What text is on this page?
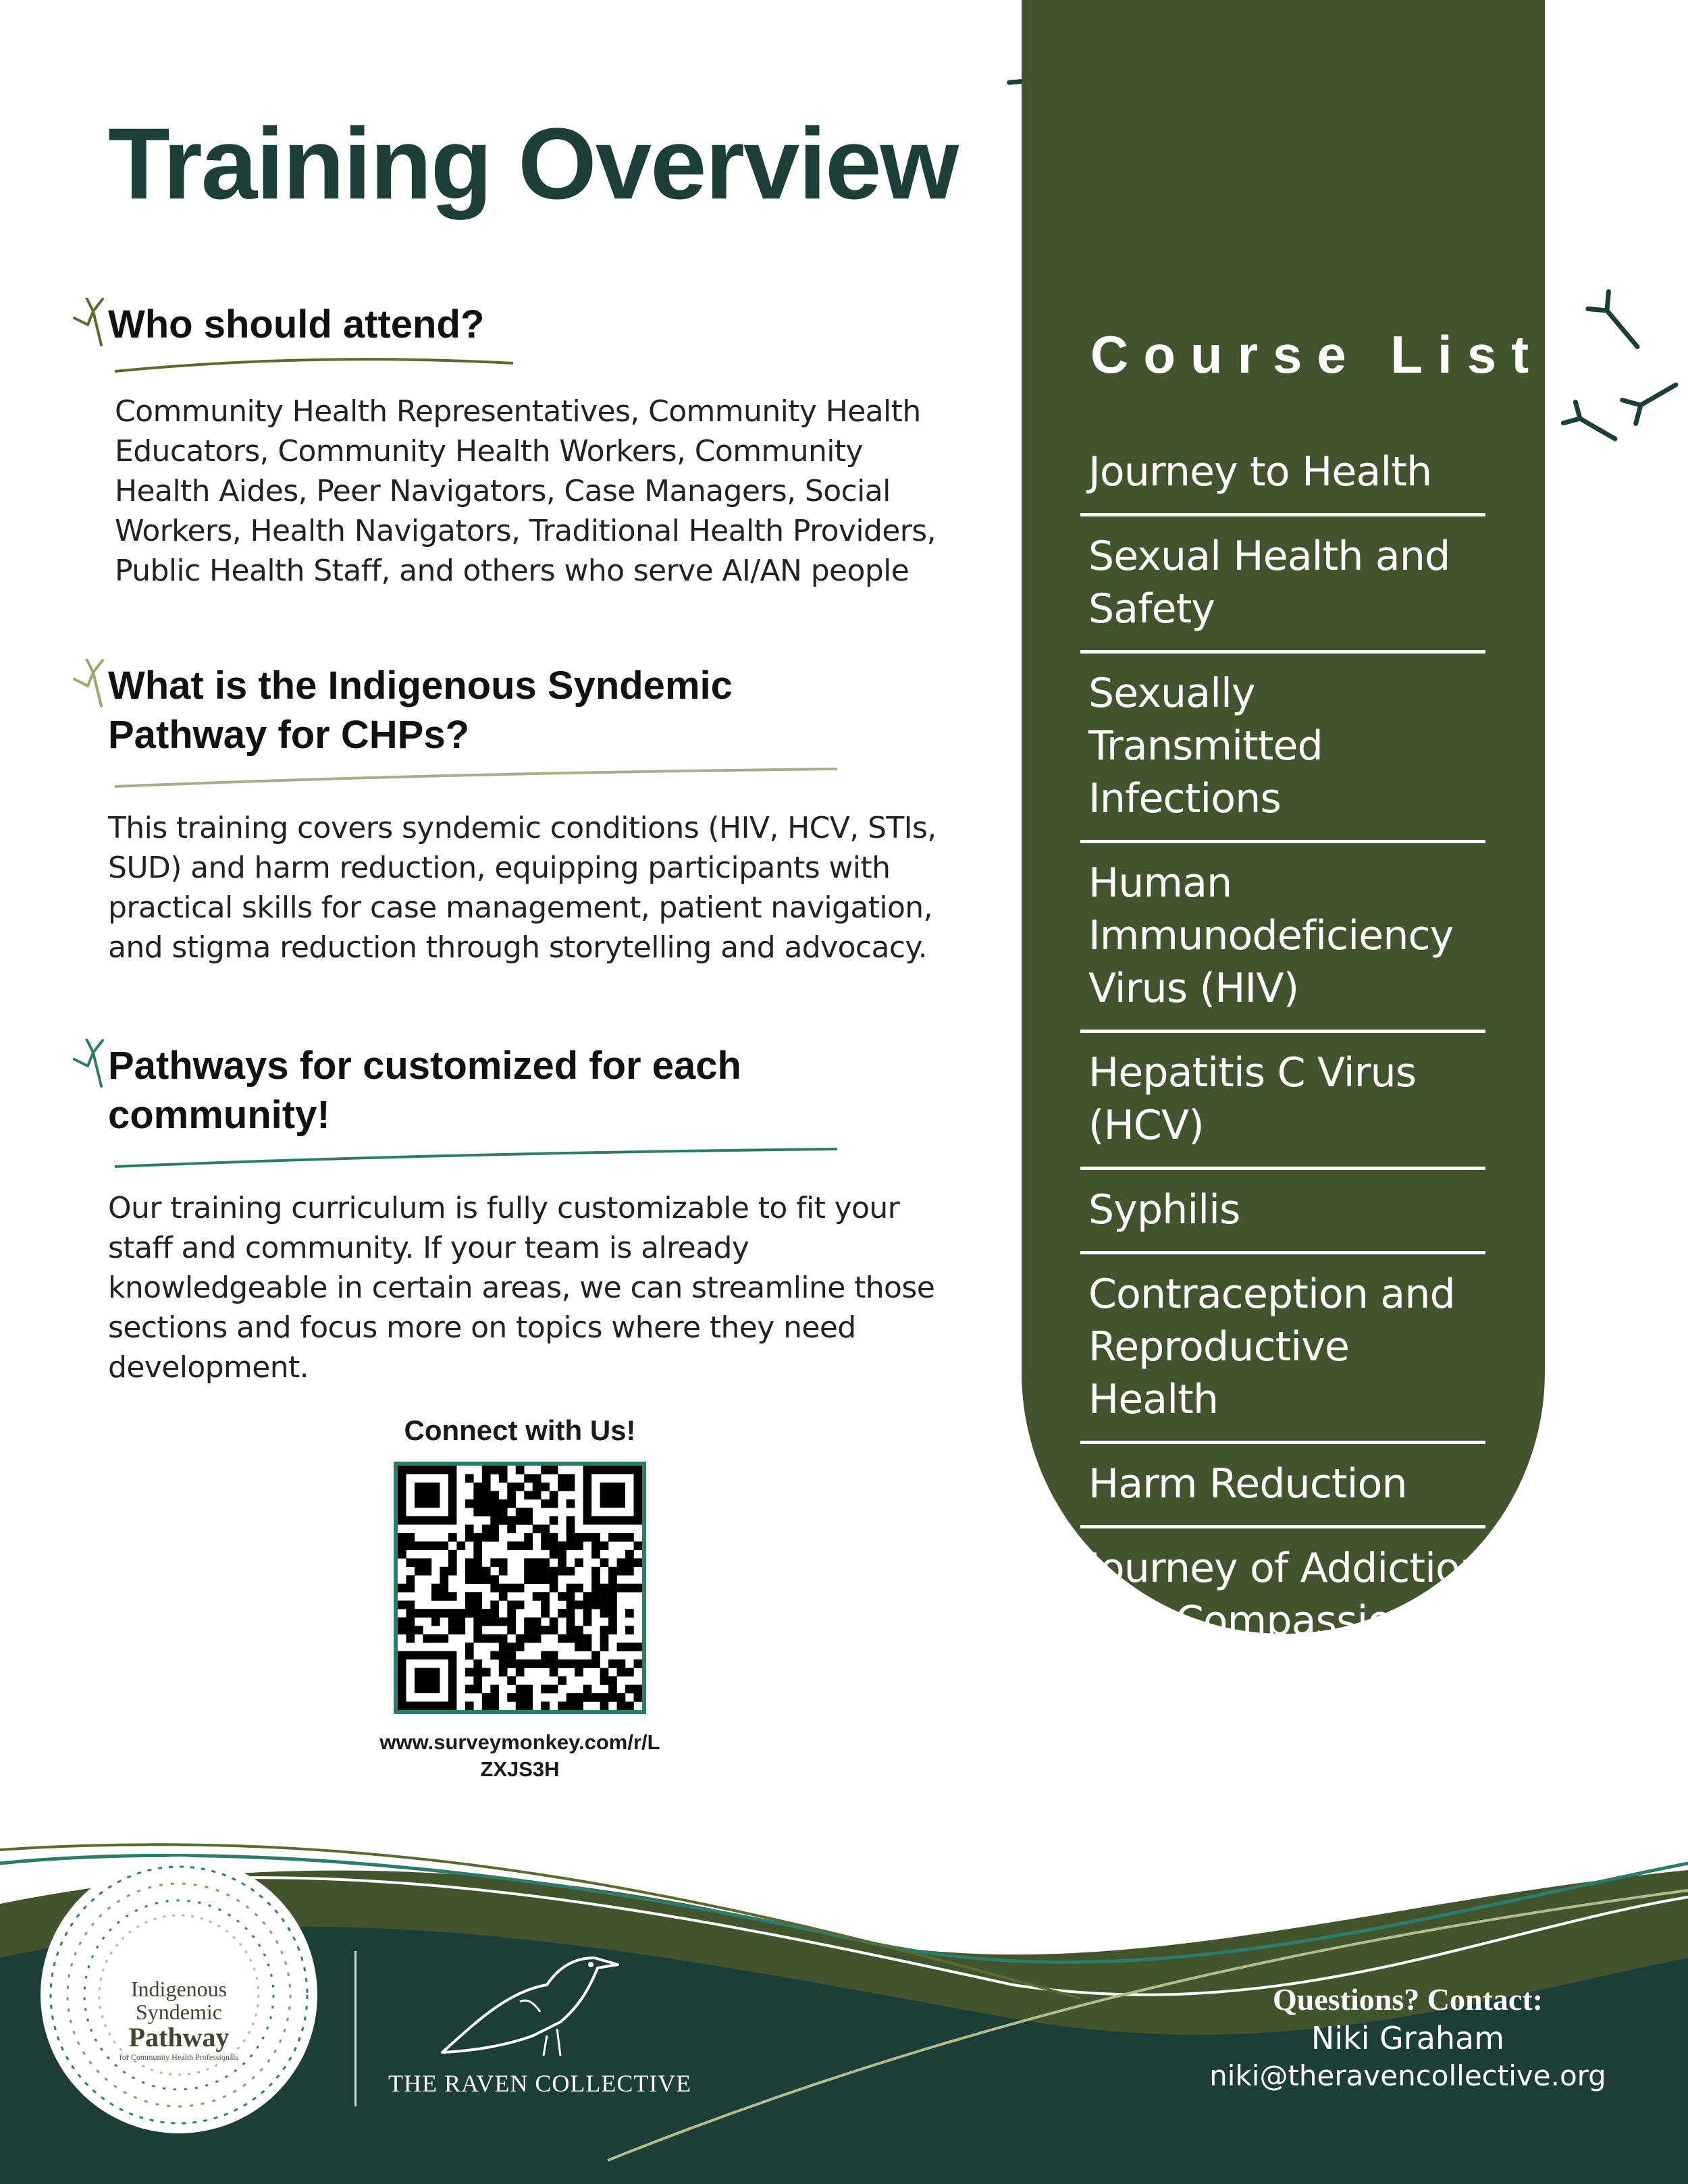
Training Overview
Who should attend?

Community Health Representatives, Community Health Educators, Community Health Workers, Community Health Aides, Peer Navigators, Case Managers, Social Workers, Health Navigators, Traditional Health Providers, Public Health Staff, and others who serve AI/AN people

What is the Indigenous Syndemic Pathway for CHPs?

This training covers syndemic conditions (HIV, HCV, STIs, SUD) and harm reduction, equipping participants with practical skills for case management, patient navigation, and stigma reduction through storytelling and advocacy.

Pathways for customized for each community!

Our training curriculum is fully customizable to fit your staff and community. If your team is already knowledgeable in certain areas, we can streamline those sections and focus more on topics where they need development.

Course List
Journey to Health
Sexual Health and Safety
Sexually Transmitted Infections
Human Immunodeficiency Virus (HIV)
Hepatitis C Virus (HCV)
Syphilis
Contraception and Reproductive Health
Harm Reduction
Journey of Addiction and Compassion

Connect with Us!

www.surveymonkey.com/r/LZXJS3H
Indigenous
Syndemic
Pathway
for Community Health Professionals
THE RAVEN COLLECTIVE
Questions? Contact:
Niki Graham
niki@theravencollective.org
